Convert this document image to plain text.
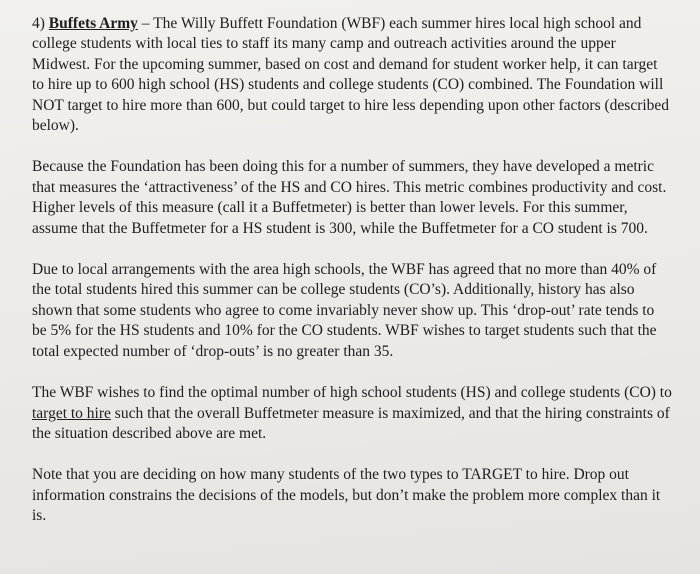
4) Buffets Army – The Willy Buffett Foundation (WBF) each summer hires local high school and college students with local ties to staff its many camp and outreach activities around the upper Midwest. For the upcoming summer, based on cost and demand for student worker help, it can target to hire up to 600 high school (HS) students and college students (CO) combined. The Foundation will NOT target to hire more than 600, but could target to hire less depending upon other factors (described below).

Because the Foundation has been doing this for a number of summers, they have developed a metric that measures the ‘attractiveness’ of the HS and CO hires. This metric combines productivity and cost. Higher levels of this measure (call it a Buffetmeter) is better than lower levels. For this summer, assume that the Buffetmeter for a HS student is 300, while the Buffetmeter for a CO student is 700.

Due to local arrangements with the area high schools, the WBF has agreed that no more than 40% of the total students hired this summer can be college students (CO’s). Additionally, history has also shown that some students who agree to come invariably never show up. This ‘drop-out’ rate tends to be 5% for the HS students and 10% for the CO students. WBF wishes to target students such that the total expected number of ‘drop-outs’ is no greater than 35.

The WBF wishes to find the optimal number of high school students (HS) and college students (CO) to target to hire such that the overall Buffetmeter measure is maximized, and that the hiring constraints of the situation described above are met.

Note that you are deciding on how many students of the two types to TARGET to hire. Drop out information constrains the decisions of the models, but don’t make the problem more complex than it is.
